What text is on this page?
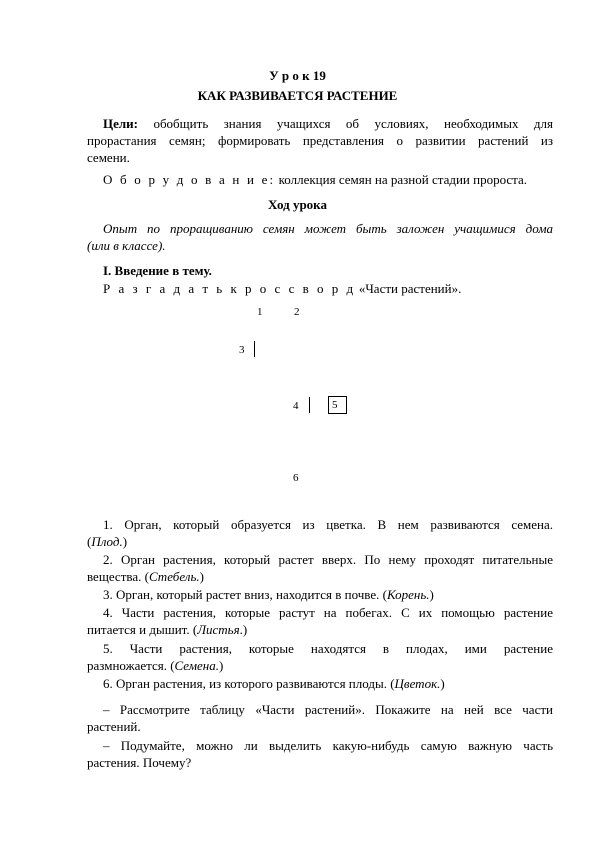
У р о к 19
КАК РАЗВИВАЕТСЯ РАСТЕНИЕ
Цели: обобщить знания учащихся об условиях, необходимых для
прорастания семян; формировать представления о развитии растений из
семени.
О б о р у д о в а н и е: коллекция семян на разной стадии пророста.
Ход урока
Опыт по проращиванию семян может быть заложен учащимися дома
(или в классе).
I. Введение в тему.
Р а з г а д а т ь к р о с с в о р д «Части растений».
1	2
3
4	5
6
1. Орган, который образуется из цветка. В нем развиваются семена.
(Плод.)
2. Орган растения, который растет вверх. По нему проходят питательные
вещества. (Стебель.)
3. Орган, который растет вниз, находится в почве. (Корень.)
4. Части растения, которые растут на побегах. С их помощью растение
питается и дышит. (Листья.)
5. Части растения, которые находятся в плодах, ими растение
размножается. (Семена.)
6. Орган растения, из которого развиваются плоды. (Цветок.)
– Рассмотрите таблицу «Части растений». Покажите на ней все части
растений.
– Подумайте, можно ли выделить какую-нибудь самую важную часть
растения. Почему?
